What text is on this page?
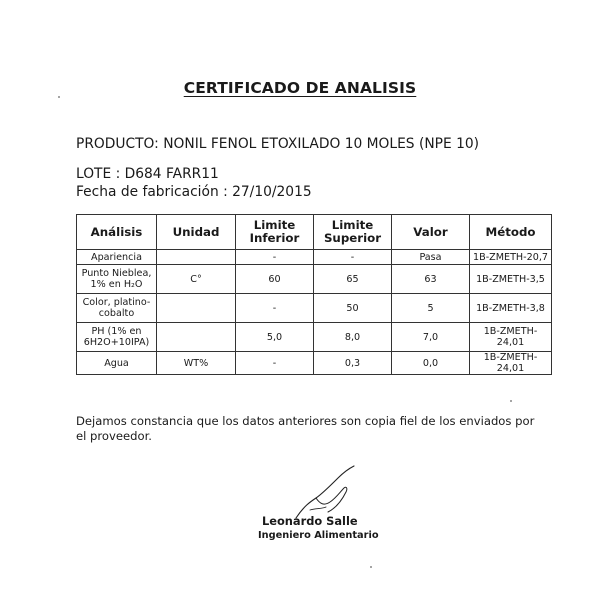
CERTIFICADO DE ANALISIS
PRODUCTO: NONIL FENOL ETOXILADO 10 MOLES (NPE 10)
LOTE : D684 FARR11
Fecha de fabricación : 27/10/2015
Análisis	Unidad	Limite Inferior	Limite Superior	Valor	Método
Apariencia		-	-	Pasa	1B-ZMETH-20,7
Punto Niebleа, 1% en H₂O	C°	60	65	63	1B-ZMETH-3,5
Color, platino-cobalto		-	50	5	1B-ZMETH-3,8
PH (1% en 6H2O+10IPA)		5,0	8,0	7,0	1B-ZMETH-24,01
Agua	WT%	-	0,3	0,0	1B-ZMETH-24,01
Dejamos constancia que los datos anteriores son copia fiel de los enviados por el proveedor.
Leonardo Salle
Ingeniero Alimentario
